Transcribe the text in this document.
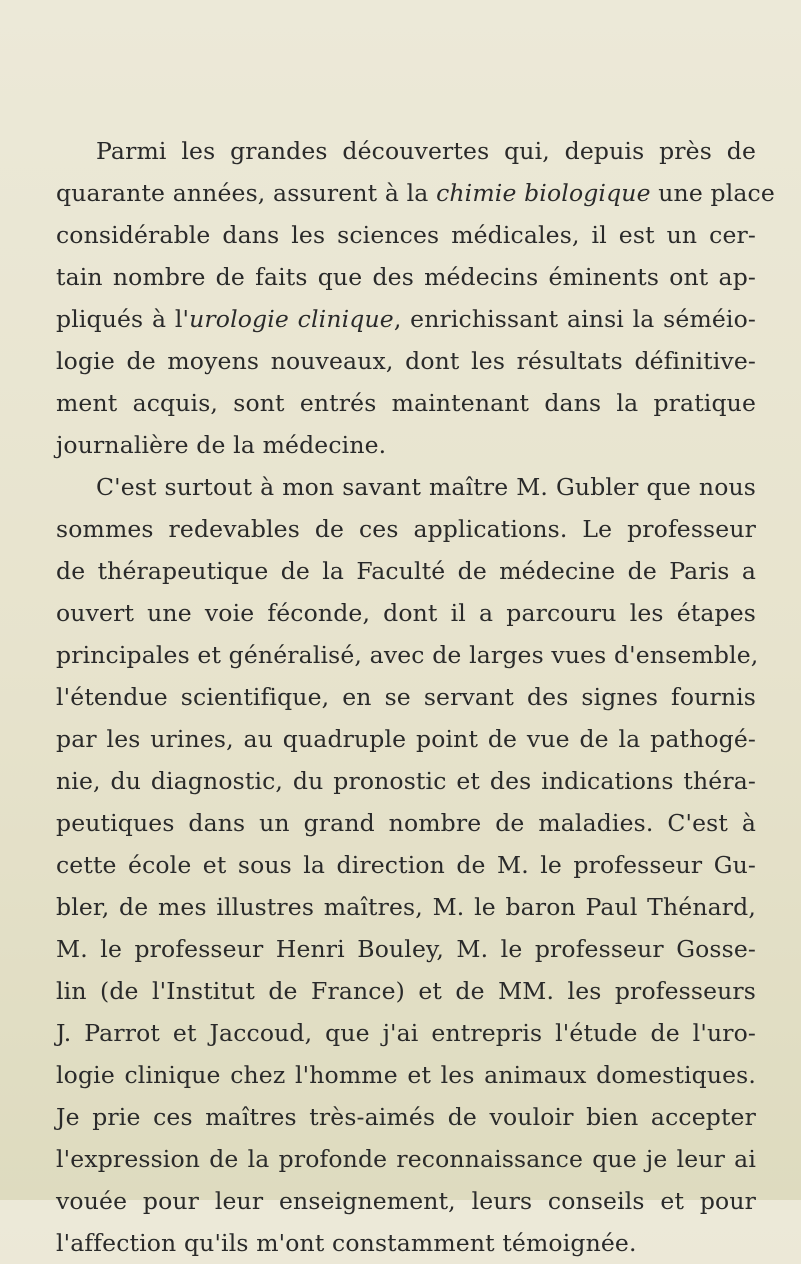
Parmi les grandes découvertes qui, depuis près de
quarante années, assurent à la chimie biologique une place
considérable dans les sciences médicales, il est un cer-
tain nombre de faits que des médecins éminents ont ap-
pliqués à l'urologie clinique, enrichissant ainsi la séméio-
logie de moyens nouveaux, dont les résultats définitive-
ment acquis, sont entrés maintenant dans la pratique
journalière de la médecine.
C'est surtout à mon savant maître M. Gubler que nous
sommes redevables de ces applications. Le professeur
de thérapeutique de la Faculté de médecine de Paris a
ouvert une voie féconde, dont il a parcouru les étapes
principales et généralisé, avec de larges vues d'ensemble,
l'étendue scientifique, en se servant des signes fournis
par les urines, au quadruple point de vue de la pathogé-
nie, du diagnostic, du pronostic et des indications théra-
peutiques dans un grand nombre de maladies. C'est à
cette école et sous la direction de M. le professeur Gu-
bler, de mes illustres maîtres, M. le baron Paul Thénard,
M. le professeur Henri Bouley, M. le professeur Gosse-
lin (de l'Institut de France) et de MM. les professeurs
J. Parrot et Jaccoud, que j'ai entrepris l'étude de l'uro-
logie clinique chez l'homme et les animaux domestiques.
Je prie ces maîtres très-aimés de vouloir bien accepter
l'expression de la profonde reconnaissance que je leur ai
vouée pour leur enseignement, leurs conseils et pour
l'affection qu'ils m'ont constamment témoignée.
